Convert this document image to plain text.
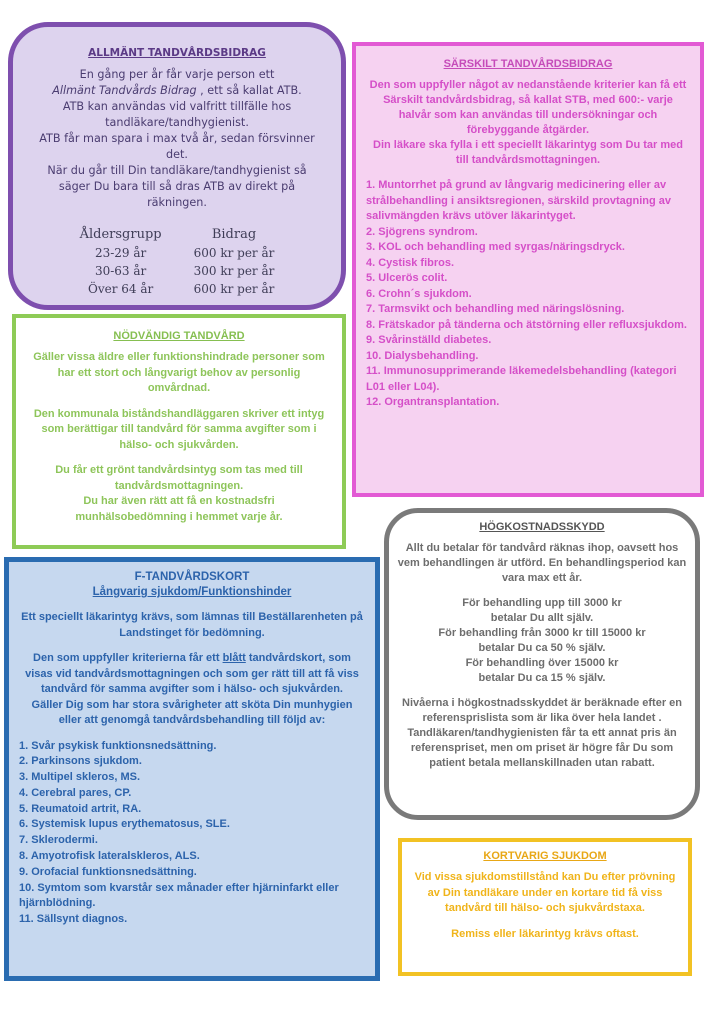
ALLMÄNT TANDVÅRDSBIDRAG

En gång per år får varje person ett

Allmänt Tandvårds Bidrag , ett så kallat ATB.

ATB kan användas vid valfritt tillfälle hos tandläkare/tandhygienist.

ATB får man spara i max två år, sedan försvinner det.

När du går till Din tandläkare/tandhygienist så säger Du bara till så dras ATB av direkt på räkningen.

Åldersgrupp	Bidrag
23-29 år	600 kr per år
30-63 år	300 kr per år
Över 64 år	600 kr per år
SÄRSKILT TANDVÅRDSBIDRAG

Den som uppfyller något av nedanstående kriterier kan få ett Särskilt tandvårdsbidrag, så kallat STB, med 600:- varje halvår som kan användas till undersökningar och förebyggande åtgärder.

Din läkare ska fylla i ett speciellt läkarintyg som Du tar med till tandvårdsmottagningen.

1. Muntorrhet på grund av långvarig medicinering eller av strålbehandling i ansiktsregionen, särskild provtagning av salivmängden krävs utöver läkarintyget.
2. Sjögrens syndrom.
3. KOL och behandling med syrgas/näringsdryck.
4. Cystisk fibros.
5. Ulcerös colit.
6. Crohn´s sjukdom.
7. Tarmsvikt och behandling med näringslösning.
8. Frätskador på tänderna och ätstörning eller refluxsjukdom.
9. Svårinställd diabetes.
10. Dialysbehandling.
11. Immunosupprimerande läkemedelsbehandling (kategori L01 eller L04).
12. Organtransplantation.
NÖDVÄNDIG TANDVÅRD

Gäller vissa äldre eller funktionshindrade personer som har ett stort och långvarigt behov av personlig omvårdnad.

Den kommunala biståndshandläggaren skriver ett intyg som berättigar till tandvård för samma avgifter som i hälso- och sjukvården.

Du får ett grönt tandvårdsintyg som tas med till tandvårdsmottagningen.

Du har även rätt att få en kostnadsfri munhälsobedömning i hemmet varje år.

F-TANDVÅRDSKORT
Långvarig sjukdom/Funktionshinder

Ett speciellt läkarintyg krävs, som lämnas till Beställarenheten på Landstinget för bedömning.

Den som uppfyller kriterierna får ett blått tandvårdskort, som visas vid tandvårdsmottagningen och som ger rätt till att få viss tandvård för samma avgifter som i hälso- och sjukvården.

Gäller Dig som har stora svårigheter att sköta Din munhygien eller att genomgå tandvårdsbehandling till följd av:

1. Svår psykisk funktionsnedsättning.
2. Parkinsons sjukdom.
3. Multipel skleros, MS.
4. Cerebral pares, CP.
5. Reumatoid artrit, RA.
6. Systemisk lupus erythematosus, SLE.
7. Sklerodermi.
8. Amyotrofisk lateralskleros, ALS.
9. Orofacial funktionsnedsättning.
10. Symtom som kvarstår sex månader efter hjärninfarkt eller hjärnblödning.
11. Sällsynt diagnos.
HÖGKOSTNADSSKYDD

Allt du betalar för tandvård räknas ihop, oavsett hos vem behandlingen är utförd. En behandlingsperiod kan vara max ett år.

För behandling upp till 3000 kr

betalar Du allt själv.

För behandling från 3000 kr till 15000 kr

betalar Du ca 50 % själv.

För behandling över 15000 kr

betalar Du ca 15 % själv.

Nivåerna i högkostnadsskyddet är beräknade efter en referensprislista som är lika över hela landet . Tandläkaren/tandhygienisten får ta ett annat pris än referenspriset, men om priset är högre får Du som patient betala mellanskillnaden utan rabatt.

KORTVARIG SJUKDOM

Vid vissa sjukdomstillstånd kan Du efter prövning av Din tandläkare under en kortare tid få viss tandvård till hälso- och sjukvårdstaxa.

Remiss eller läkarintyg krävs oftast.
